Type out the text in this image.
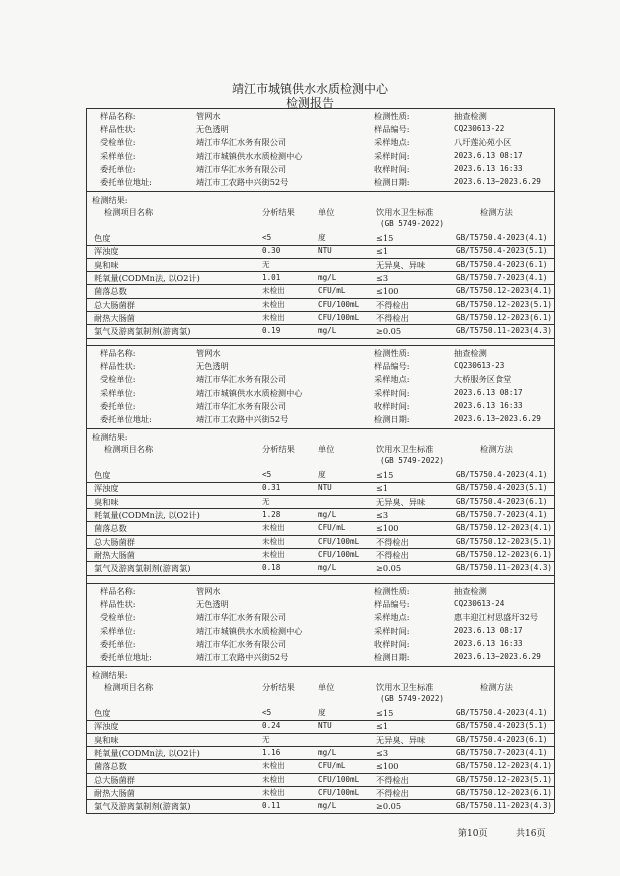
靖江市城镇供水水质检测中心
检测报告
样品名称:	管网水	检测性质:	抽查检测
样品性状:	无色透明	样品编号:	CQ230613-22
受检单位:	靖江市华汇水务有限公司	采样地点:	八圩莲沁苑小区
采样单位:	靖江市城镇供水水质检测中心	采样时间:	2023.6.13 08:17
委托单位:	靖江市华汇水务有限公司	收样时间:	2023.6.13 16:33
委托单位地址:	靖江市工农路中兴街52号	检测日期:	2023.6.13~2023.6.29
检测结果:
检测项目名称	分析结果	单位	饮用水卫生标准
(GB 5749-2022)
检测方法
色度	<5	度	≤15	GB/T5750.4-2023(4.1)
浑浊度	0.30	NTU	≤1	GB/T5750.4-2023(5.1)
臭和味	无	无异臭、异味	GB/T5750.4-2023(6.1)
耗氧量(CODMn法, 以O2计)	1.01	mg/L	≤3	GB/T5750.7-2023(4.1)
菌落总数	未检出	CFU/mL	≤100	GB/T5750.12-2023(4.1)
总大肠菌群	未检出	CFU/100mL 不得检出	GB/T5750.12-2023(5.1)
耐热大肠菌	未检出	CFU/100mL 不得检出	GB/T5750.12-2023(6.1)
氯气及游离氯制剂(游离氯)	0.19	mg/L	≥0.05	GB/T5750.11-2023(4.3)
样品名称:	管网水	检测性质:	抽查检测
样品性状:	无色透明	样品编号:	CQ230613-23
受检单位:	靖江市华汇水务有限公司	采样地点:	大桥服务区食堂
采样单位:	靖江市城镇供水水质检测中心	采样时间:	2023.6.13 08:17
委托单位:	靖江市华汇水务有限公司	收样时间:	2023.6.13 16:33
委托单位地址:	靖江市工农路中兴街52号	检测日期:	2023.6.13~2023.6.29
检测结果:
检测项目名称	分析结果	单位	饮用水卫生标准
(GB 5749-2022)
检测方法
色度	<5	度	≤15	GB/T5750.4-2023(4.1)
浑浊度	0.31	NTU	≤1	GB/T5750.4-2023(5.1)
臭和味	无	无异臭、异味	GB/T5750.4-2023(6.1)
耗氧量(CODMn法, 以O2计)	1.28	mg/L	≤3	GB/T5750.7-2023(4.1)
菌落总数	未检出	CFU/mL	≤100	GB/T5750.12-2023(4.1)
总大肠菌群	未检出	CFU/100mL 不得检出	GB/T5750.12-2023(5.1)
耐热大肠菌	未检出	CFU/100mL 不得检出	GB/T5750.12-2023(6.1)
氯气及游离氯制剂(游离氯)	0.18	mg/L	≥0.05	GB/T5750.11-2023(4.3)
样品名称:	管网水	检测性质:	抽查检测
样品性状:	无色透明	样品编号:	CQ230613-24
受检单位:	靖江市华汇水务有限公司	采样地点:	惠丰迎江村思盛圩32号
采样单位:	靖江市城镇供水水质检测中心	采样时间:	2023.6.13 08:17
委托单位:	靖江市华汇水务有限公司	收样时间:	2023.6.13 16:33
委托单位地址:	靖江市工农路中兴街52号	检测日期:	2023.6.13~2023.6.29
检测结果:
检测项目名称	分析结果	单位	饮用水卫生标准
(GB 5749-2022)
检测方法
色度	<5	度	≤15	GB/T5750.4-2023(4.1)
浑浊度	0.24	NTU	≤1	GB/T5750.4-2023(5.1)
臭和味	无	无异臭、异味	GB/T5750.4-2023(6.1)
耗氧量(CODMn法, 以O2计)	1.16	mg/L	≤3	GB/T5750.7-2023(4.1)
菌落总数	未检出	CFU/mL	≤100	GB/T5750.12-2023(4.1)
总大肠菌群	未检出	CFU/100mL 不得检出	GB/T5750.12-2023(5.1)
耐热大肠菌	未检出	CFU/100mL 不得检出	GB/T5750.12-2023(6.1)
氯气及游离氯制剂(游离氯)	0.11	mg/L	≥0.05	GB/T5750.11-2023(4.3)
第10页	共16页
